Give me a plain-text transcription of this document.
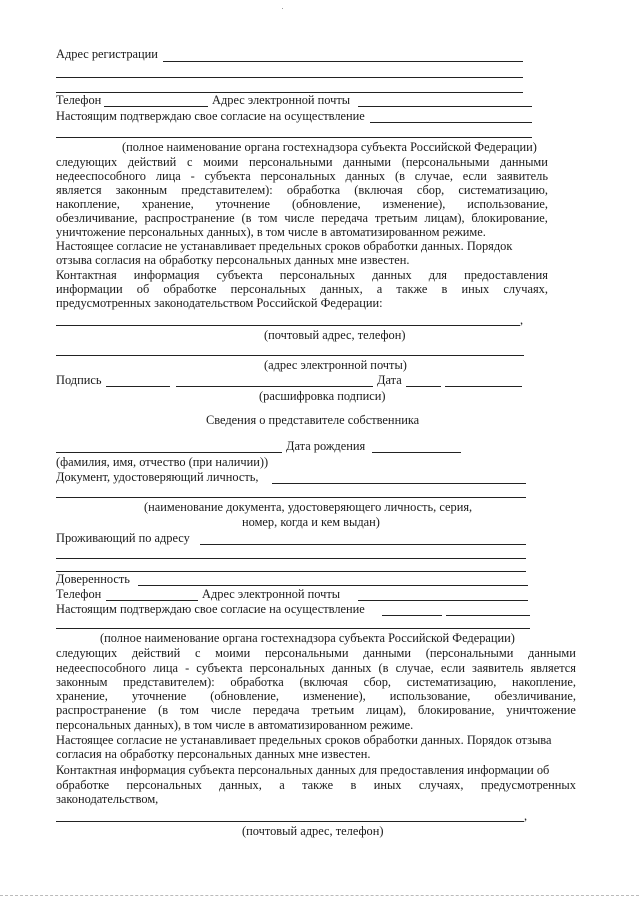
Адрес регистрации
Телефон	Адрес электронной почты
Настоящим подтверждаю свое согласие на осуществление
(полное наименование органа гостехнадзора субъекта Российской Федерации)
следующих действий с моими персональными данными (персональными данными
недееспособного лица - субъекта персональных данных (в случае, если заявитель
является законным представителем): обработка (включая сбор, систематизацию,
накопление, хранение, уточнение (обновление, изменение), использование,
обезличивание, распространение (в том числе передача третьим лицам), блокирование,
уничтожение персональных данных), в том числе в автоматизированном режиме.
Настоящее согласие не устанавливает предельных сроков обработки данных. Порядок
отзыва согласия на обработку персональных данных мне известен.
Контактная информация субъекта персональных данных для предоставления
информации об обработке персональных данных, а также в иных случаях,
предусмотренных законодательством Российской Федерации:
,
(почтовый адрес, телефон)
(адрес электронной почты)
Подпись	Дата
(расшифровка подписи)
Сведения о представителе собственника
Дата рождения
(фамилия, имя, отчество (при наличии))
Документ, удостоверяющий личность,
(наименование документа, удостоверяющего личность, серия,
номер, когда и кем выдан)
Проживающий по адресу
Доверенность
Телефон	Адрес электронной почты
Настоящим подтверждаю свое согласие на осуществление
(полное наименование органа гостехнадзора субъекта Российской Федерации)
следующих действий с моими персональными данными (персональными данными
недееспособного лица - субъекта персональных данных (в случае, если заявитель является
законным представителем): обработка (включая сбор, систематизацию, накопление,
хранение, уточнение (обновление, изменение), использование, обезличивание,
распространение (в том числе передача третьим лицам), блокирование, уничтожение
персональных данных), в том числе в автоматизированном режиме.
Настоящее согласие не устанавливает предельных сроков обработки данных. Порядок отзыва
согласия на обработку персональных данных мне известен.
Контактная информация субъекта персональных данных для предоставления информации об
обработке персональных данных, а также в иных случаях, предусмотренных
законодательством,
,
(почтовый адрес, телефон)
